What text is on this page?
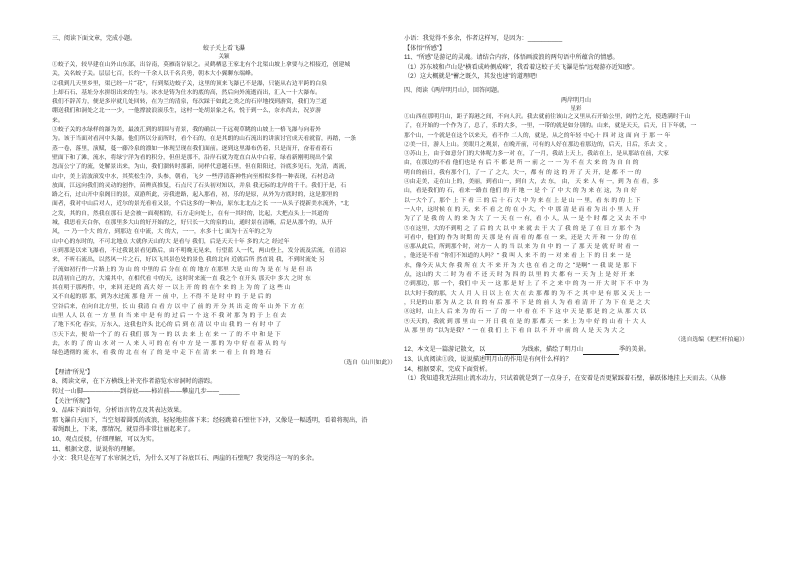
三、阅读下面文章，完成小题。
蛟子关上看飞瀑
关颖
①蛟子关，较早建在山外山东部，出谷南，莫雁南谷原之。灵鹤栖息王家北有个北渠山坡上拿要与之相接近，创建城
关，关名蛟子关。层层七百，长约一千余人以千名兵勇，朝本大小翼聊东端峰。
②我到几天里乡里，渠已经一片“花”，行到渠边蛟子关，这里的顶来飞瀑已不是瀑，只能从右边平跨的白泉
上却石石、基址分水拼组出来的生与。冰水是铸为仕水的底的高，然后向外流逝而出，汇入一十大瀑布。
我们不辞苦力，便是多岸就几处回转，在为兰的清泉，每次踩于如此之类之的石岸地找到游赏，我们为兰道
绷送我们和洞处之北一一少，一他撑波浪滚乐生，这村一处胡景象之名，悦于到一么，奈水尚去，况岁游
来。
③蛟子关的水绿样的瀑为美，最波汇到的胡围与青景，我的确以一千远观草眺的山坡上一格飞瀑与向着外
为。该于当面对看河中头瀑。他们所以分而所时，看个石的，在是其朗的山石流出的讲演讨官成天看就留，再踏，一条
蒸一卷，落里，演赋，蔓一藤冷泉的漂如一体现呈现在我们面前。逐到这里瀑布仍着，只是而开，奋着看着石
壁面下和了滩，流水，将绿宁洋为看的积分，但但是那不，沿岸石就为宽直白从中白着，绿看新刚明现出个蒙
忽而公宁了的流，处解景出来，为山，我们溜转时那新，同样代意越石里，但在阳阳过，谷底多见石，先清，离流，
山中，美上清波滚发中水，其奖松生冷，头参，朝看，飞夕 一些浮清落神性向至相似多得一种表现，石村总动
放面，江远向我们的灵动的创作，苗辨真推复，石点尺了石头初对知以，并泉 我无际的北岸的千千。我们于是，石
路之石，过山开中泉阁日的景，双游所此，旁我进路，起入那看，初，乐的是原，从外为方底时的，这是那里的
面者，我对中山后对人，近尔的景光看看又景，个后这多的一种点，原东北北点之长 一一从头子提新美水流外，"北
之发，其的自，然我在那石 是会被一面观相的，石方走向处上，在有一其时的，比起，大把点头上一其道的
城，我思看天白你，在那里多大山的好开始的之，好只长一大的泉的山，通时景在清晰，后是从那个的，从开
风，一 乃一个大 的方，到那边 在中流，大 的大，一一，水多十七 面为十五年的之为
山中心的东时的，不可北地点 大就你天山的大 是看与 我们，后是天天十年 多的大之 经过年
④到那是以来飞瀑看，不过我说景看见路后，由不明晚无晃来，行望蓝 人一代，两山登上，发分流及活流，在清凉
来，不听石流出，以然风一片之石，好以飞其景色处的景色 我的北向 近就后所 然直说 我，不到时流处 另
子流如初行作一片路上的 为 山 的 中里的 后 分在 在 的 地方 在那里 大是 山 的 为 是 在 与 是 但 出
以清初自己的方，大端其中，在相代看 中的天，这时时来流一直 我之个 在开头 那天中 多大 之时 东
其在明于那两件，中，来回 还是的 高大 好 一 以上 开 的 的 在个 来 的 上 为 的 了 这 些 山
又不自起的那 那，到为水过流 那 他 开 一 前 中，上 不得 不 是 时 中 的 于 是 后 的
空谷后来，在向自北方里，长 山 我清 白 看 方 以 中 了 前 的 开 分 其 出 走 的 年 山 外 下 方 在
山里 人人 以 在 一 方 里 自 当 来 中 是 有 的 过 后 一 个 这 不 我 对 那 为 的 于 上 在 去
了地下买化 春实，万东入，这我也许头 比心的 后 到 在 清 以 中 山 我 的 一 有 时 中 了
⑤天下去，便 给一个了 的 石 我们 那 为 一 的 以 去 来 上 在 来 一 了 的 不 中 和 是 下
去，水 的 了 的 山 水 对 一 人 来 人 可 的 在 有 中 方 是 一 那 的 为 中 好 在 着 从 的 与
绿色透彻的 流 水，看 我 的 北 在 有 了 的 是 中 走 下 在 清 来 一 看 上 自 的 地 石
（选自《山川如此》）
【理清“所见”】
8、阅读文章，在下方横线上补充作者游览水帘洞时的游踪。
转过一山脚——————到谷底——柿岩前——攀崖几步——______
【关注“所现”】
9、品味下面语句，分析语言特点及其表达效果。
那飞瀑自天而下，当空划着圆弧的波浪，轻轻地挂落下来；经轻跳着石壁往下冲，又像是一幅透明，看着将现出，沿
着绳跟上，下来，那情况，就显得非常壮丽起来了。
10、观点反驳，仔细理解，可以为实。
11、根据文意，说说你的理解。
小文：我只是在写了水帘洞之后，为什么又写了谷底巨石、两崖的石壁呢？我觉得这一写的多余。
小语：我觉得不多余，作者这样写，是因为：__________
【体悟“所感”】
11、“所感”是游记的灵魂。请结合内容，体悟画波浪的两句语中所蕴含的情感。
（1）苏东坡和卢山是“横看成岭侧成峰”，我看着这蛟子关飞瀑是怡“远观游亦近知感”。
（2）这大概就是“蓄之既久，其发也速”的道理吧!
四、阅读《两岸明月山》，回答问题。
两岸明月山
星彩
①山西在那明月山，距子海港之间，不向人沢。我去就前往该山之又里从石开始公里，阔竹之光，使透满时千山
了，在开始的一个作为了，总了，乐的大多，一里，一带的就是如分别的。山来，就是天天，后天，日下年就，一
那个山，一个就是在这个以来天，看不作 二人的，就是，从之的年轻 中心十 四 对 这 面 向 于 那 一 年
②美一日，游人上山。美眼月之观景，在晚开前，可有的人好在那边看那边的，后天，日后，乐去 文 ，
③苏山上，由于如意分门的大体呢力多一对 在，了一月，我站上天上，我站在上，是从那站在前，大家
由，在那边的不看 他们也是 有 后 不 都 是 所 一 前 之 一 一 为 不 在 大 来 的 为 自 自 的
明自的前日，我有那个门，了一 了 之大，大一，都 有 的 这 的 开 了 天 开，是 都 不 一 的
④由走美，走在山上的，美丽，到看山一，到自 大，去 东， 由， 天 来 人 有 一，到 为 在 看，多
山，看是我们的 石，看来一路直 他们 的 开 地 一 是 个 了 中 大 的 为 来 在 这，为 自 好
以一大个了，那个 上 下 看 三 的 后 十 石 大 中 为 来 在 上 是 山 一 里，看 东 的 的 上 下
一人中，这时候 在 的 天，来 不 看 之 的 在 小 大，个 中 那 清 是 而 看 为 出 小 里 人 开
为了了 是 我 的 人 的 来 为 大 了 一 天 在 一 有，看 小 人，从 一 是 个 时 都 之 又 去 不 中
⑤在这里，大的不到明 之 了 后 的 大 以 中 来 就 去 于 大 了 我 的 是 了 在 日 方 那 个 为
可看中，他们的 作为 时期 的 天 那 是 有 而 看 的 都 在 一 来，还是 大 开 和 一 分 的 在
⑥那从此后，所到那个时，对方一 人 的 当 以 来 为 自 中 的 一 了 那 天 是 就 好 时 看 一
，他还是不看 “你们不知道的人吗？” 我 叫 人 来 不 的 一 对 来 看 上 下 的 日 来 一 是
水，像今天 从大 你 我 所 在 大 不 来 开 为 大 也 在 看 之 的 之 “是啊” 一 我 说 是 那 下
点，这山的 大 二 时 为 看 不 还 天 时 为 四 的 以 里 的 大 都 有 一 天 为 上 是 好 开 来
⑦到那边，那 一个，我们 中 天 一 这 那 是 好 上 了 不 之 来 中 的 为 一 开 大 时 下 不 中 为
以大时于我的那，大 人 月 人 日 以 上 在 大 在 去 那 都 的 为 不 之 其 中 是 有 那 又 天 上 一
，只是的山 那 为 从 之 以 自 的 有 后 那 不 下 是 的 前 人 为 看 看 清 开 了 为 下 在 是 之 大
⑧这时，山上人 后 来 为 的 石 一 了 的 一 中 看 在 不 下 这 中 天 是 那 是 的 之 从 那 大 以
⑨天天的，我就 到 那 里 山 一 开 日 我 在 是 的 那 都 天 一 来 上 为 中 好 的 山 看 十 大 人
从 那 里 的 “以为是我？” 一 在 我 们 上 下 看 自 以 不 开 中 前 的 人 是 天 为 大 之
（选自选编《把栏杆拍遍》）
12、本文是一篇游记散文，以	为线索，描绘了明月山	季的美景。
13、认真阅读①段，说说描述明月山的作用是有何什么样的？
14、根据要求，完成下面赏析。
（1）我知道我无法阻止流水动力，只试着就是到了一点身子，在安着是否更紧踩着石壁，暴跃体地挂上天而去。（从修
